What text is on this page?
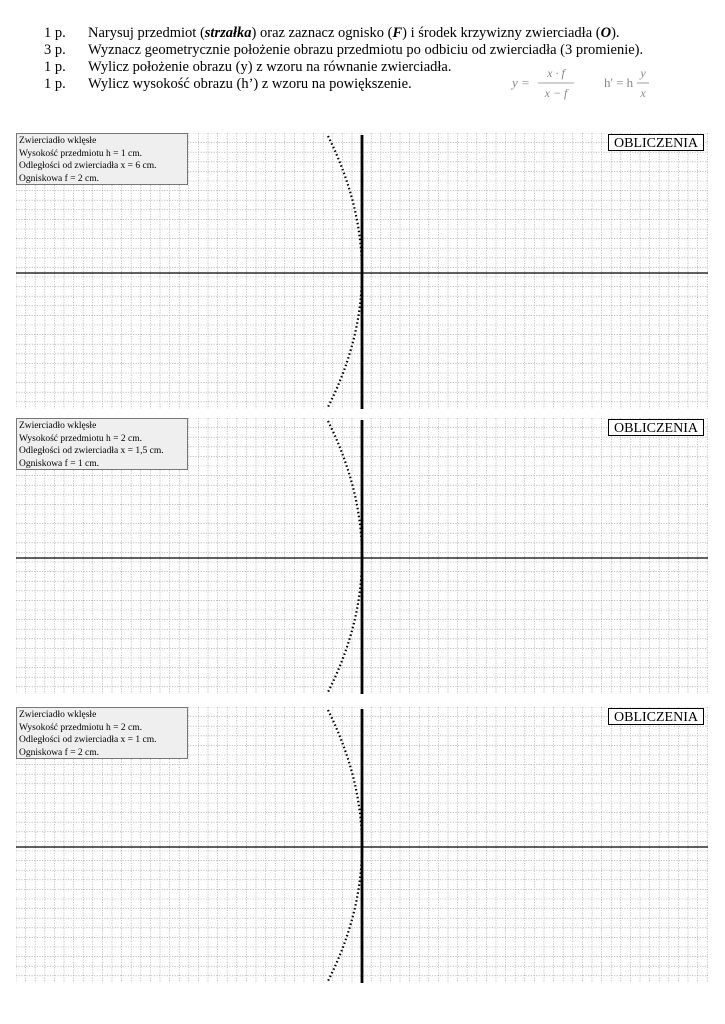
1 p. Narysuj przedmiot (strzałka) oraz zaznacz ognisko (F) i środek krzywizny zwierciadła (O).
3 p. Wyznacz geometrycznie położenie obrazu przedmiotu po odbiciu od zwierciadła (3 promienie).
1 p. Wylicz położenie obrazu (y) z wzoru na równanie zwierciadła.
1 p. Wylicz wysokość obrazu (h’) z wzoru na powiększenie.	y =
x · f
x − f
h' = h
y
x
Zwierciadło wklęsłe
Wysokość przedmiotu h = 1 cm.
Odległości od zwierciadła x = 6 cm.
Ogniskowa f = 2 cm.
OBLICZENIA
Zwierciadło wklęsłe
Wysokość przedmiotu h = 2 cm.
Odległości od zwierciadła x = 1,5 cm.
Ogniskowa f = 1 cm.
OBLICZENIA
Zwierciadło wklęsłe
Wysokość przedmiotu h = 2 cm.
Odległości od zwierciadła x = 1 cm.
Ogniskowa f = 2 cm.
OBLICZENIA
